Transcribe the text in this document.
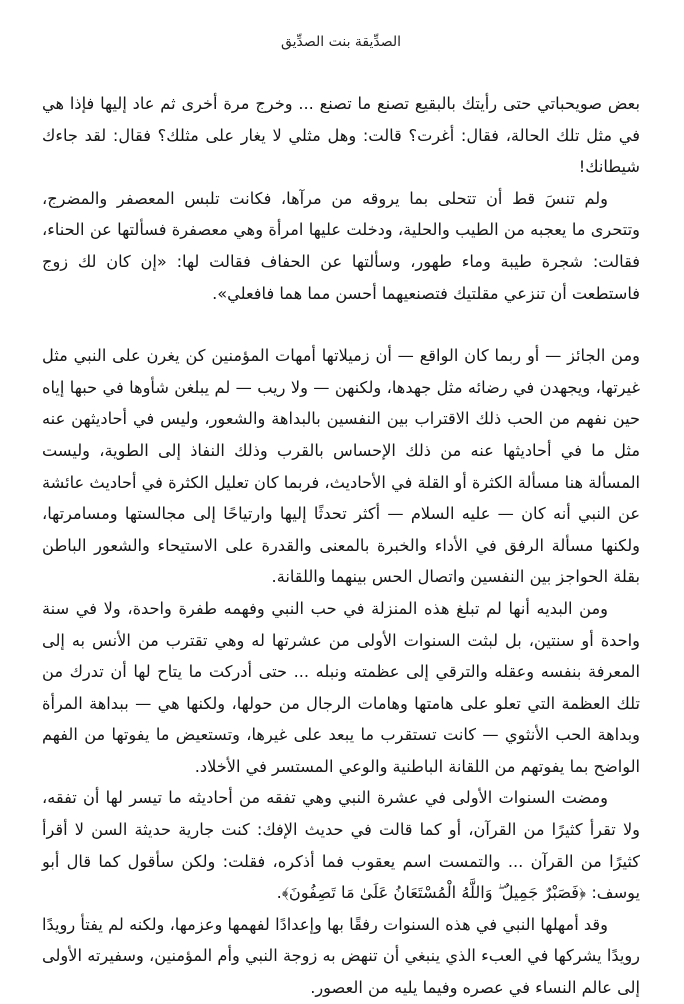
الصدِّيقة بنت الصدِّيق
بعض صويحباتي حتى رأيتك بالبقيع تصنع ما تصنع ... وخرج مرة أخرى ثم عاد إليها فإذا هي في مثل تلك الحالة، فقال: أغرت؟ قالت: وهل مثلي لا يغار على مثلك؟ فقال: لقد جاءك شيطانك!
ولم تنسَ قط أن تتحلى بما يروقه من مرآها، فكانت تلبس المعصفر والمضرج، وتتحرى ما يعجبه من الطيب والحلية، ودخلت عليها امرأة وهي معصفرة فسألتها عن الحناء، فقالت: شجرة طيبة وماء طهور، وسألتها عن الحفاف فقالت لها: «إن كان لك زوج فاستطعت أن تنزعي مقلتيك فتصنعيهما أحسن مما هما فافعلي».
ومن الجائز — أو ربما كان الواقع — أن زميلاتها أمهات المؤمنين كن يغرن على النبي مثل غيرتها، ويجهدن في رضائه مثل جهدها، ولكنهن — ولا ريب — لم يبلغن شأوها في حبها إياه حين نفهم من الحب ذلك الاقتراب بين النفسين بالبداهة والشعور، وليس في أحاديثهن عنه مثل ما في أحاديثها عنه من ذلك الإحساس بالقرب وذلك النفاذ إلى الطوية، وليست المسألة هنا مسألة الكثرة أو القلة في الأحاديث، فربما كان تعليل الكثرة في أحاديث عائشة عن النبي أنه كان — عليه السلام — أكثر تحدثًا إليها وارتياحًا إلى مجالستها ومسامرتها، ولكنها مسألة الرفق في الأداء والخبرة بالمعنى والقدرة على الاستيحاء والشعور الباطن بقلة الحواجز بين النفسين واتصال الحس بينهما واللقانة.
ومن البديه أنها لم تبلغ هذه المنزلة في حب النبي وفهمه طفرة واحدة، ولا في سنة واحدة أو سنتين، بل لبثت السنوات الأولى من عشرتها له وهي تقترب من الأنس به إلى المعرفة بنفسه وعقله والترقي إلى عظمته ونبله ... حتى أدركت ما يتاح لها أن تدرك من تلك العظمة التي تعلو على هامتها وهامات الرجال من حولها، ولكنها هي — ببداهة المرأة وبداهة الحب الأنثوي — كانت تستقرب ما يبعد على غيرها، وتستعيض ما يفوتها من الفهم الواضح بما يفوتهم من اللقانة الباطنية والوعي المستسر في الأخلاد.
ومضت السنوات الأولى في عشرة النبي وهي تفقه من أحاديثه ما تيسر لها أن تفقه، ولا تقرأ كثيرًا من القرآن، أو كما قالت في حديث الإفك: كنت جارية حديثة السن لا أقرأ كثيرًا من القرآن ... والتمست اسم يعقوب فما أذكره، فقلت: ولكن سأقول كما قال أبو يوسف: ﴿فَصَبْرٌ جَمِيلٌ ۖ وَاللَّهُ الْمُسْتَعَانُ عَلَىٰ مَا تَصِفُونَ﴾.
وقد أمهلها النبي في هذه السنوات رفقًا بها وإعدادًا لفهمها وعزمها، ولكنه لم يفتأ رويدًا رويدًا يشركها في العبء الذي ينبغي أن تنهض به زوجة النبي وأم المؤمنين، وسفيرته الأولى إلى عالم النساء في عصره وفيما يليه من العصور.
